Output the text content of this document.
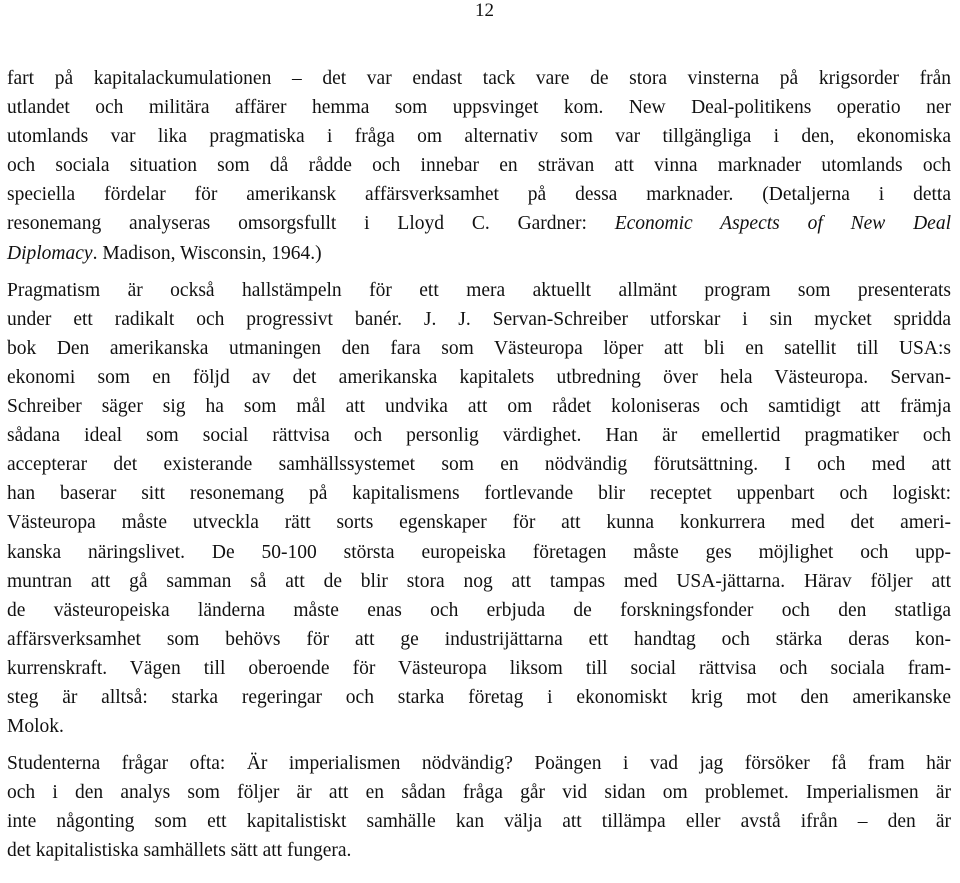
12

fart på kapitalackumulationen – det var endast tack vare de stora vinsterna på krigsorder från
utlandet och militära affärer hemma som uppsvinget kom. New Deal-politikens operatio ner
utomlands var lika pragmatiska i fråga om alternativ som var tillgängliga i den, ekonomiska
och sociala situation som då rådde och innebar en strävan att vinna marknader utomlands och
speciella fördelar för amerikansk affärsverksamhet på dessa marknader. (Detaljerna i detta
resonemang analyseras omsorgsfullt i Lloyd C. Gardner: Economic Aspects of New Deal
Diplomacy. Madison, Wisconsin, 1964.)

Pragmatism är också hallstämpeln för ett mera aktuellt allmänt program som presenterats
under ett radikalt och progressivt banér. J. J. Servan-Schreiber utforskar i sin mycket spridda
bok Den amerikanska utmaningen den fara som Västeuropa löper att bli en satellit till USA:s
ekonomi som en följd av det amerikanska kapitalets utbredning över hela Västeuropa. Servan-
Schreiber säger sig ha som mål att undvika att om rådet koloniseras och samtidigt att främja
sådana ideal som social rättvisa och personlig värdighet. Han är emellertid pragmatiker och
accepterar det existerande samhällssystemet som en nödvändig förutsättning. I och med att
han baserar sitt resonemang på kapitalismens fortlevande blir receptet uppenbart och logiskt:
Västeuropa måste utveckla rätt sorts egenskaper för att kunna konkurrera med det ameri-
kanska näringslivet. De 50-100 största europeiska företagen måste ges möjlighet och upp-
muntran att gå samman så att de blir stora nog att tampas med USA-jättarna. Härav följer att
de västeuropeiska länderna måste enas och erbjuda de forskningsfonder och den statliga
affärsverksamhet som behövs för att ge industrijättarna ett handtag och stärka deras kon-
kurrenskraft. Vägen till oberoende för Västeuropa liksom till social rättvisa och sociala fram-
steg är alltså: starka regeringar och starka företag i ekonomiskt krig mot den amerikanske
Molok.

Studenterna frågar ofta: Är imperialismen nödvändig? Poängen i vad jag försöker få fram här
och i den analys som följer är att en sådan fråga går vid sidan om problemet. Imperialismen är
inte någonting som ett kapitalistiskt samhälle kan välja att tillämpa eller avstå ifrån – den är
det kapitalistiska samhällets sätt att fungera.
